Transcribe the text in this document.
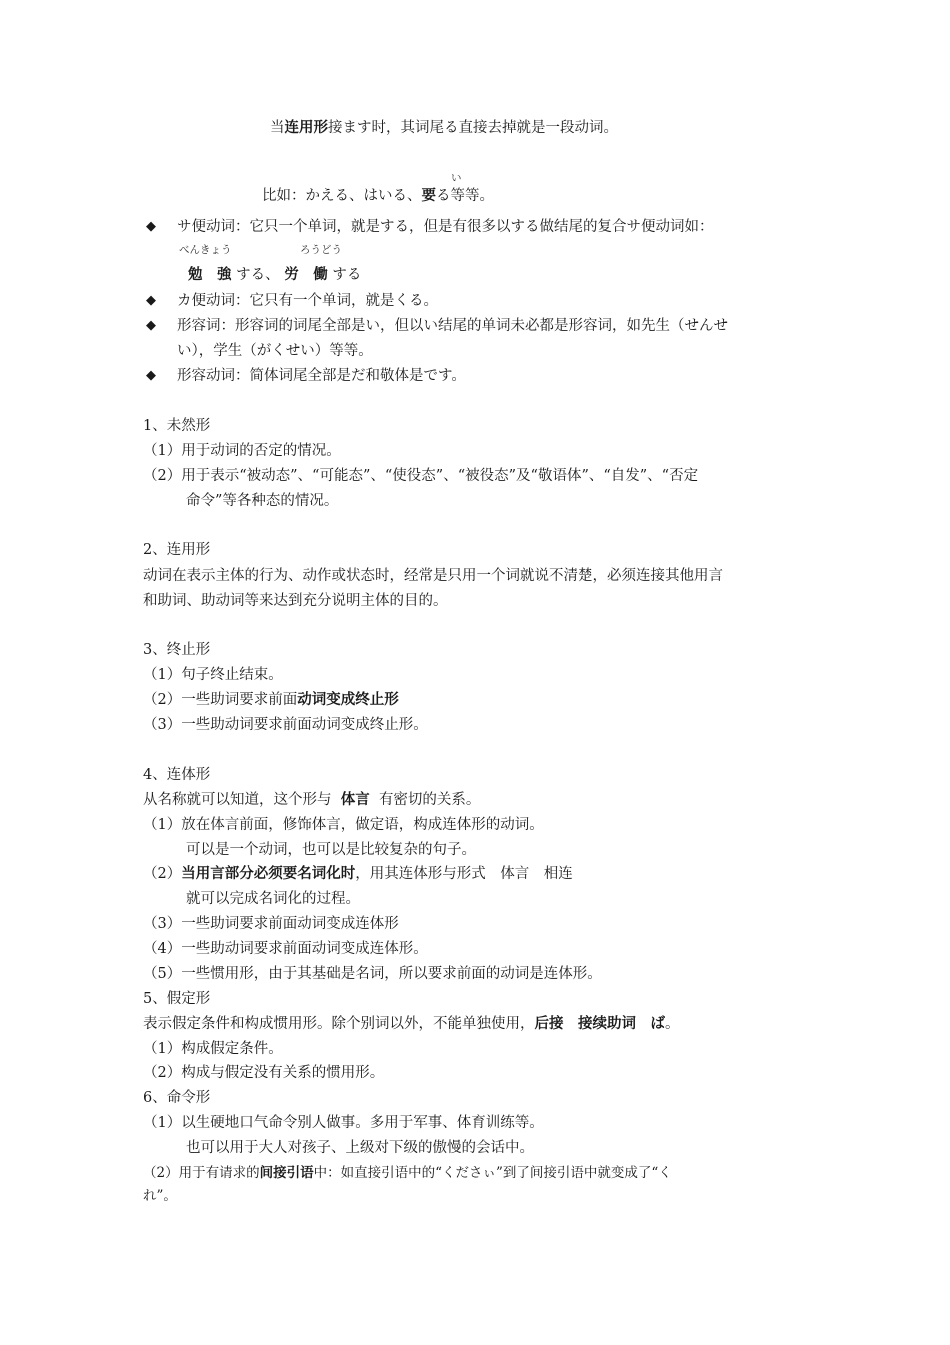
当连用形接ます时，其词尾る直接去掉就是一段动词。
い
比如：かえる、はいる、要る等等。
◆ サ便动词：它只一个单词，就是する，但是有很多以する做结尾的复合サ便动词如：
べんきょう	ろうどう
勉　強 する、 労　働 する
◆ カ便动词：它只有一个单词，就是くる。
◆ 形容词：形容词的词尾全部是い，但以い结尾的单词未必都是形容词，如先生（せんせ
い），学生（がくせい）等等。
◆ 形容动词：简体词尾全部是だ和敬体是です。
1、未然形
（1）用于动词的否定的情况。
（2）用于表示“被动态”、“可能态”、“使役态”、“被役态”及“敬语体”、“自发”、“否定
命令”等各种态的情况。
2、连用形
动词在表示主体的行为、动作或状态时，经常是只用一个词就说不清楚，必须连接其他用言
和助词、助动词等来达到充分说明主体的目的。
3、终止形
（1）句子终止结束。
（2）一些助词要求前面动词变成终止形
（3）一些助动词要求前面动词变成终止形。
4、连体形
从名称就可以知道，这个形与 体言 有密切的关系。
（1）放在体言前面，修饰体言，做定语，构成连体形的动词。
可以是一个动词，也可以是比较复杂的句子。
（2）当用言部分必须要名词化时，用其连体形与形式　体言　相连
就可以完成名词化的过程。
（3）一些助词要求前面动词变成连体形
（4）一些助动词要求前面动词变成连体形。
（5）一些惯用形，由于其基础是名词，所以要求前面的动词是连体形。
5、假定形
表示假定条件和构成惯用形。除个别词以外，不能单独使用，后接　接续助词　ば。
（1）构成假定条件。
（2）构成与假定没有关系的惯用形。
6、命令形
（1）以生硬地口气命令别人做事。多用于军事、体育训练等。
也可以用于大人对孩子、上级对下级的傲慢的会话中。
（2）用于有请求的间接引语中：如直接引语中的“くださぃ”到了间接引语中就变成了“く
れ”。
